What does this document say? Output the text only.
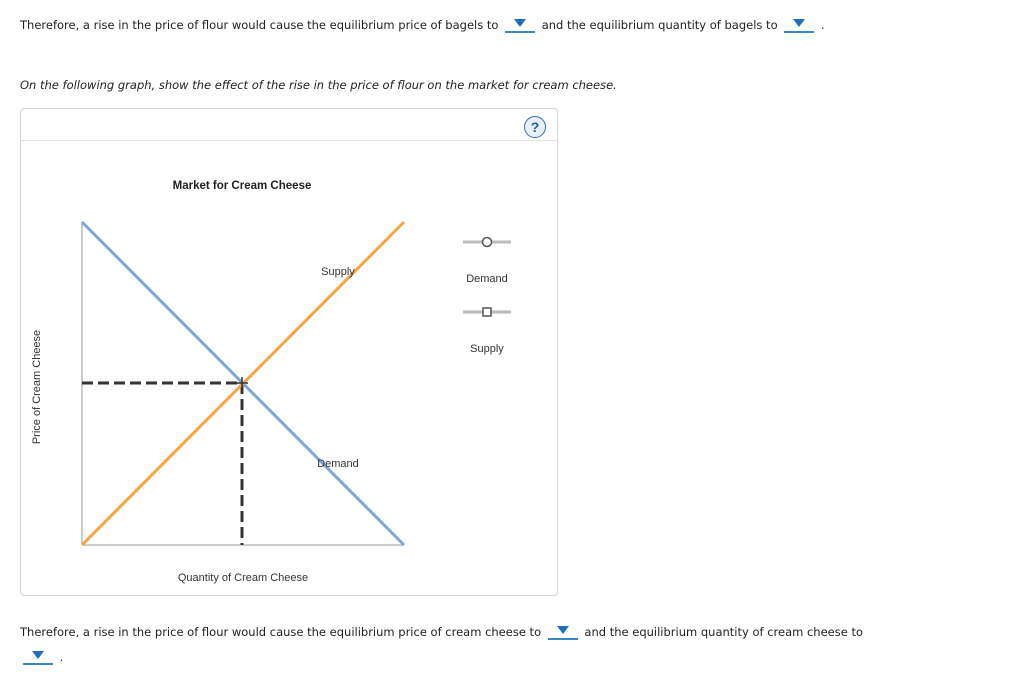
Therefore, a rise in the price of flour would cause the equilibrium price of bagels to	and the equilibrium quantity of bagels to	.
On the following graph, show the effect of the rise in the price of flour on the market for cream cheese.
?
Market for Cream Cheese
Price of Cream Cheese
Supply
Demand
Quantity of Cream Cheese
Demand
Supply
Therefore, a rise in the price of flour would cause the equilibrium price of cream cheese to	and the equilibrium quantity of cream cheese to
.
